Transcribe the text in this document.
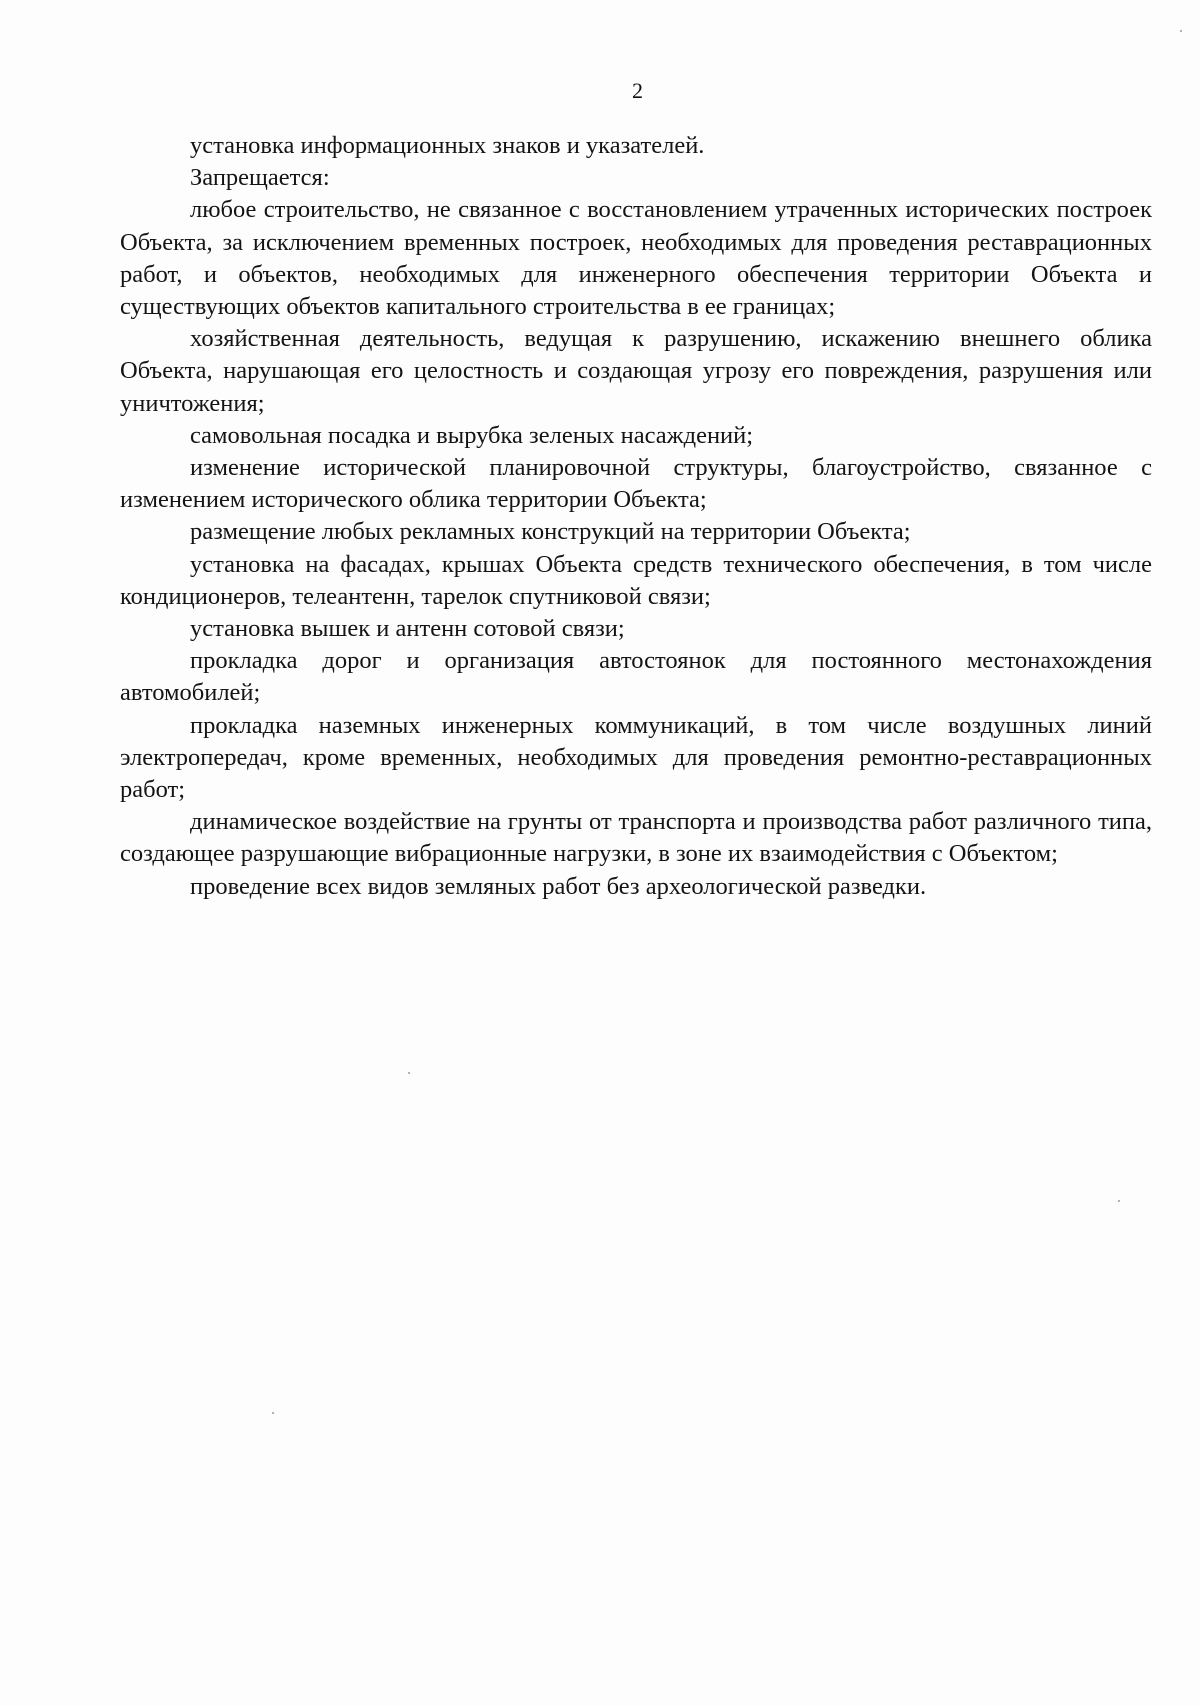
2

установка информационных знаков и указателей.

Запрещается:

любое строительство, не связанное с восстановлением утраченных исторических построек Объекта, за исключением временных построек, необходимых для проведения реставрационных работ, и объектов, необходимых для инженерного обеспечения территории Объекта и существующих объектов капитального строительства в ее границах;

хозяйственная деятельность, ведущая к разрушению, искажению внешнего облика Объекта, нарушающая его целостность и создающая угрозу его повреждения, разрушения или уничтожения;

самовольная посадка и вырубка зеленых насаждений;

изменение исторической планировочной структуры, благоустройство, связанное с изменением исторического облика территории Объекта;

размещение любых рекламных конструкций на территории Объекта;

установка на фасадах, крышах Объекта средств технического обеспечения, в том числе кондиционеров, телеантенн, тарелок спутниковой связи;

установка вышек и антенн сотовой связи;

прокладка дорог и организация автостоянок для постоянного местонахождения автомобилей;

прокладка наземных инженерных коммуникаций, в том числе воздушных линий электропередач, кроме временных, необходимых для проведения ремонтно-реставрационных работ;

динамическое воздействие на грунты от транспорта и производства работ различного типа, создающее разрушающие вибрационные нагрузки, в зоне их взаимодействия с Объектом;

проведение всех видов земляных работ без археологической разведки.
